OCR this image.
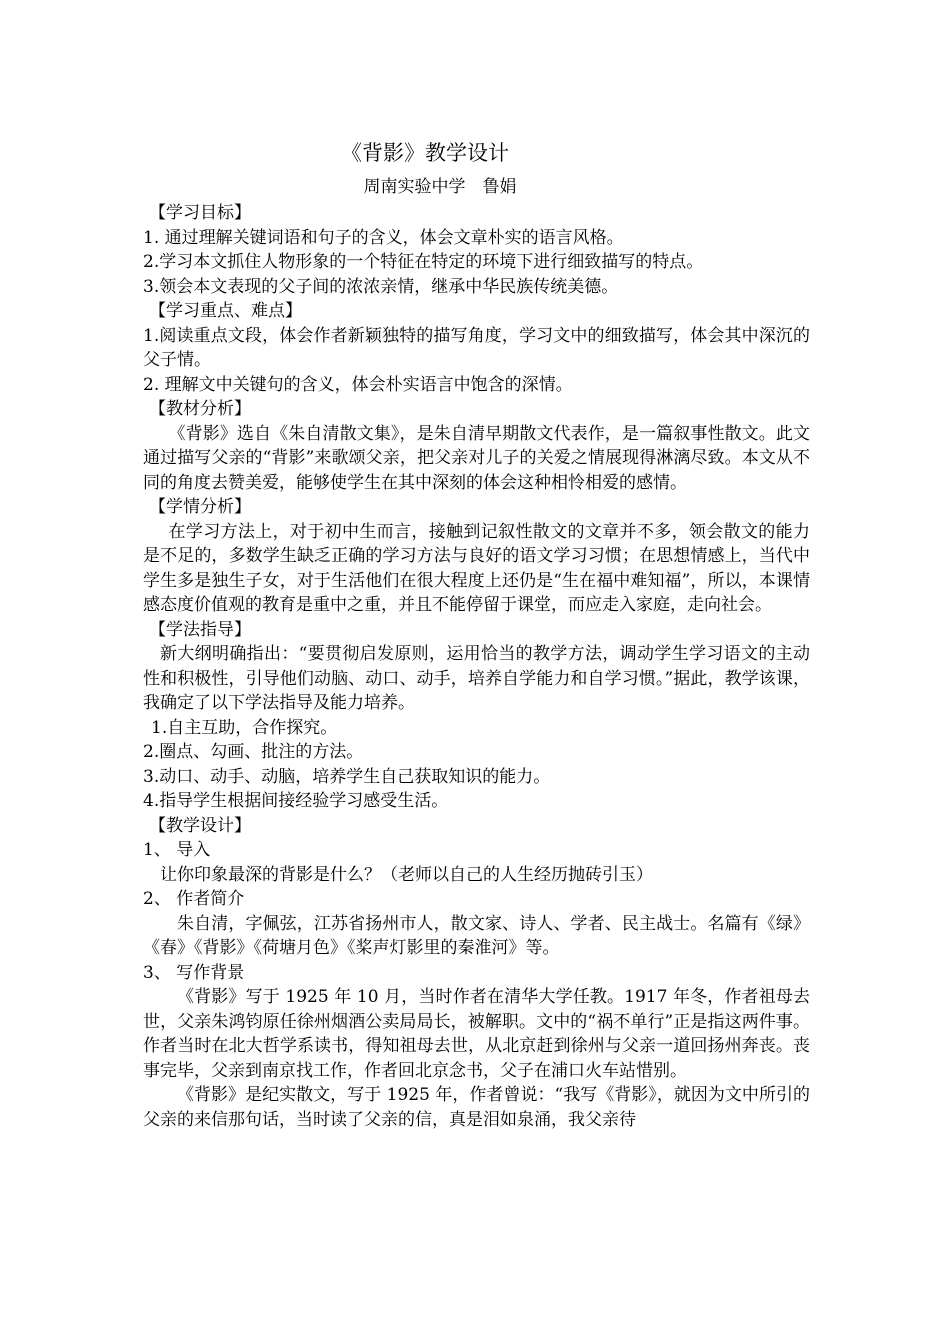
《背影》教学设计
周南实验中学　鲁娟

【学习目标】

1. 通过理解关键词语和句子的含义，体会文章朴实的语言风格。

2.学习本文抓住人物形象的一个特征在特定的环境下进行细致描写的特点。

3.领会本文表现的父子间的浓浓亲情，继承中华民族传统美德。

【学习重点、难点】

1.阅读重点文段，体会作者新颖独特的描写角度，学习文中的细致描写，体会其中深沉的父子情。

2. 理解文中关键句的含义，体会朴实语言中饱含的深情。

【教材分析】

《背影》选自《朱自清散文集》，是朱自清早期散文代表作，是一篇叙事性散文。此文通过描写父亲的“背影”来歌颂父亲，把父亲对儿子的关爱之情展现得淋漓尽致。本文从不同的角度去赞美爱，能够使学生在其中深刻的体会这种相怜相爱的感情。

【学情分析】

在学习方法上，对于初中生而言，接触到记叙性散文的文章并不多，领会散文的能力是不足的，多数学生缺乏正确的学习方法与良好的语文学习习惯；在思想情感上，当代中学生多是独生子女，对于生活他们在很大程度上还仍是“生在福中难知福”，所以，本课情感态度价值观的教育是重中之重，并且不能停留于课堂，而应走入家庭，走向社会。

【学法指导】

新大纲明确指出：“要贯彻启发原则，运用恰当的教学方法，调动学生学习语文的主动性和积极性，引导他们动脑、动口、动手，培养自学能力和自学习惯。”据此，教学该课，我确定了以下学法指导及能力培养。

1.自主互助，合作探究。

2.圈点、勾画、批注的方法。

3.动口、动手、动脑，培养学生自己获取知识的能力。

4.指导学生根据间接经验学习感受生活。

【教学设计】

1、 导入

让你印象最深的背影是什么？（老师以自己的人生经历抛砖引玉）

2、 作者简介

朱自清，字佩弦，江苏省扬州市人，散文家、诗人、学者、民主战士。名篇有《绿》《春》《背影》《荷塘月色》《桨声灯影里的秦淮河》等。

3、 写作背景

《背影》写于 1925 年 10 月，当时作者在清华大学任教。1917 年冬，作者祖母去世，父亲朱鸿钧原任徐州烟酒公卖局局长，被解职。文中的“祸不单行”正是指这两件事。作者当时在北大哲学系读书，得知祖母去世，从北京赶到徐州与父亲一道回扬州奔丧。丧事完毕，父亲到南京找工作，作者回北京念书，父子在浦口火车站惜别。

《背影》是纪实散文，写于 1925 年，作者曾说：“我写《背影》，就因为文中所引的父亲的来信那句话，当时读了父亲的信，真是泪如泉涌，我父亲待
